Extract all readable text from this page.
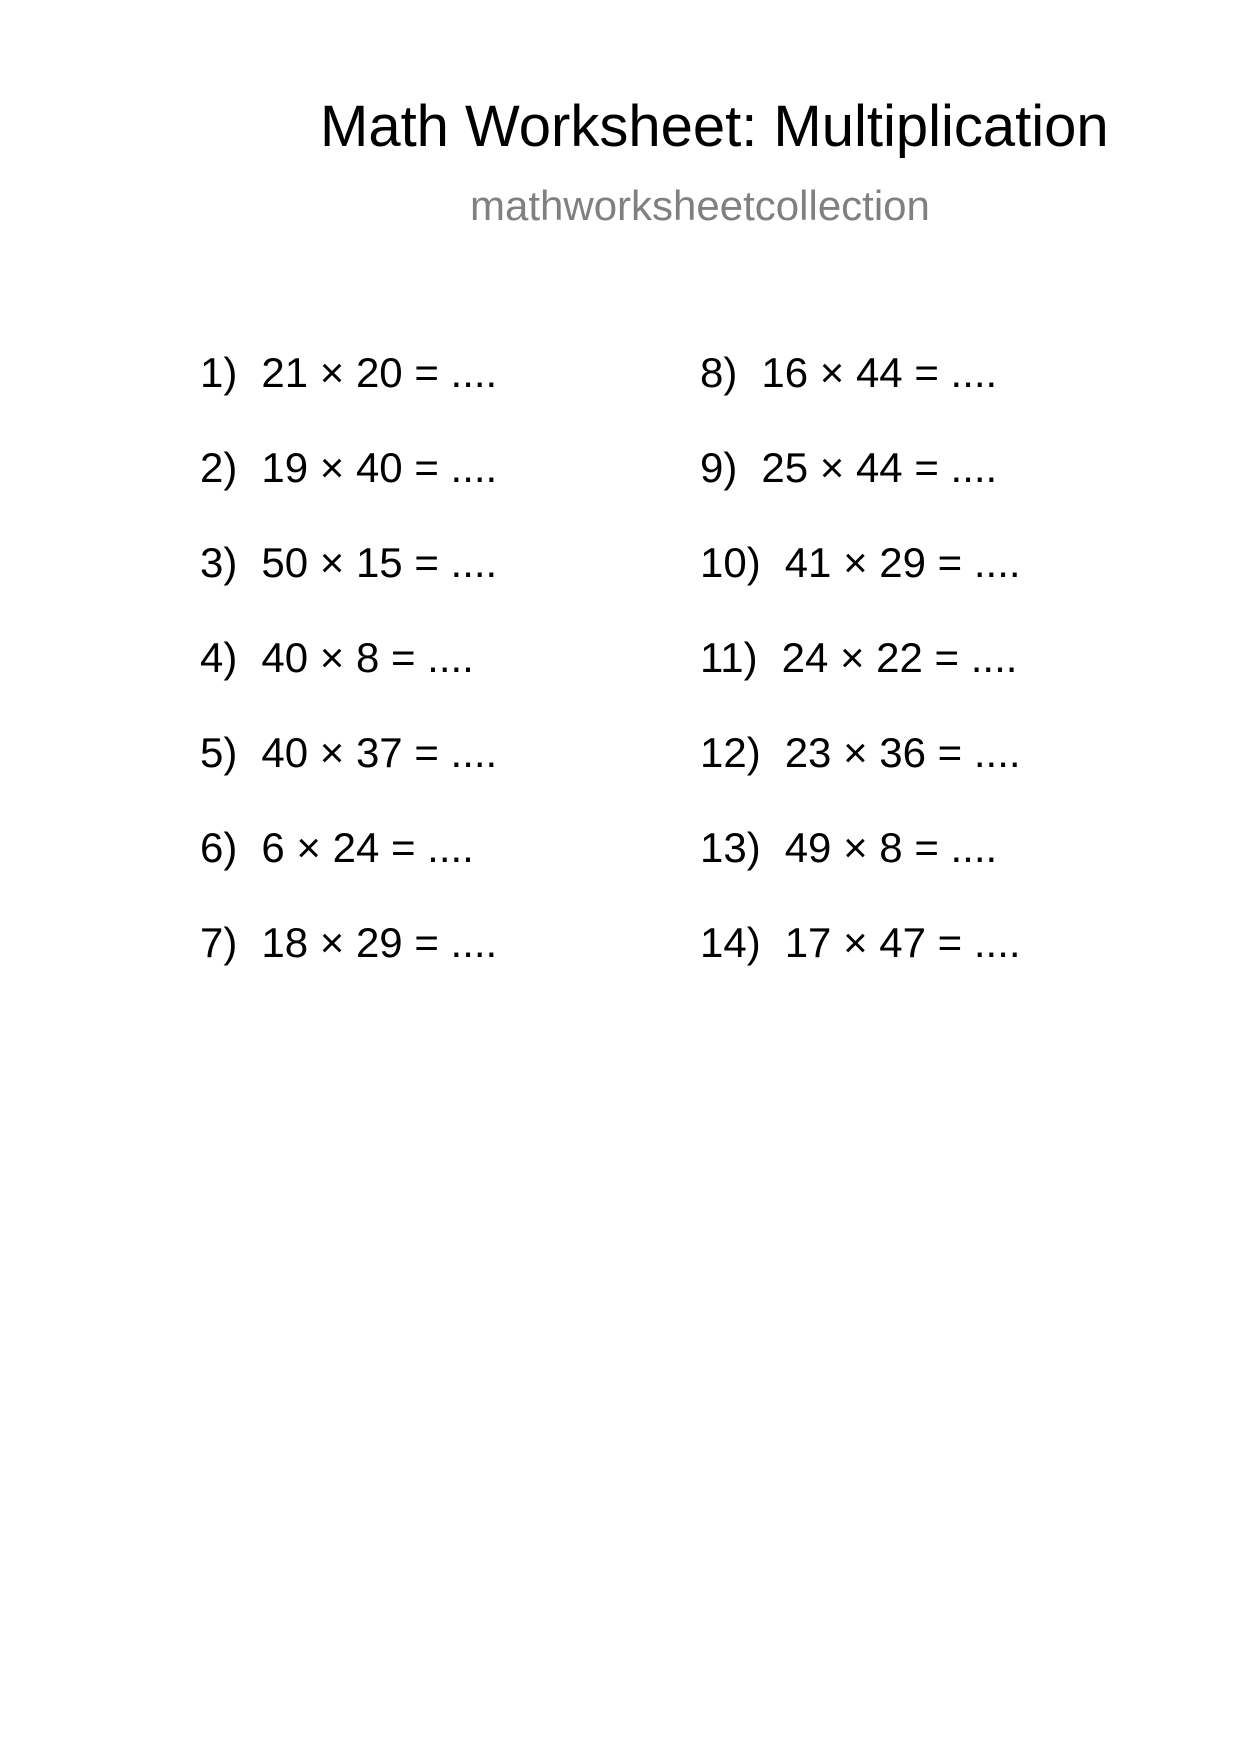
Math Worksheet: Multiplication
mathworksheetcollection
1) 21 × 20 = ....
2) 19 × 40 = ....
3) 50 × 15 = ....
4) 40 × 8 = ....
5) 40 × 37 = ....
6) 6 × 24 = ....
7) 18 × 29 = ....
8) 16 × 44 = ....
9) 25 × 44 = ....
10) 41 × 29 = ....
11) 24 × 22 = ....
12) 23 × 36 = ....
13) 49 × 8 = ....
14) 17 × 47 = ....
